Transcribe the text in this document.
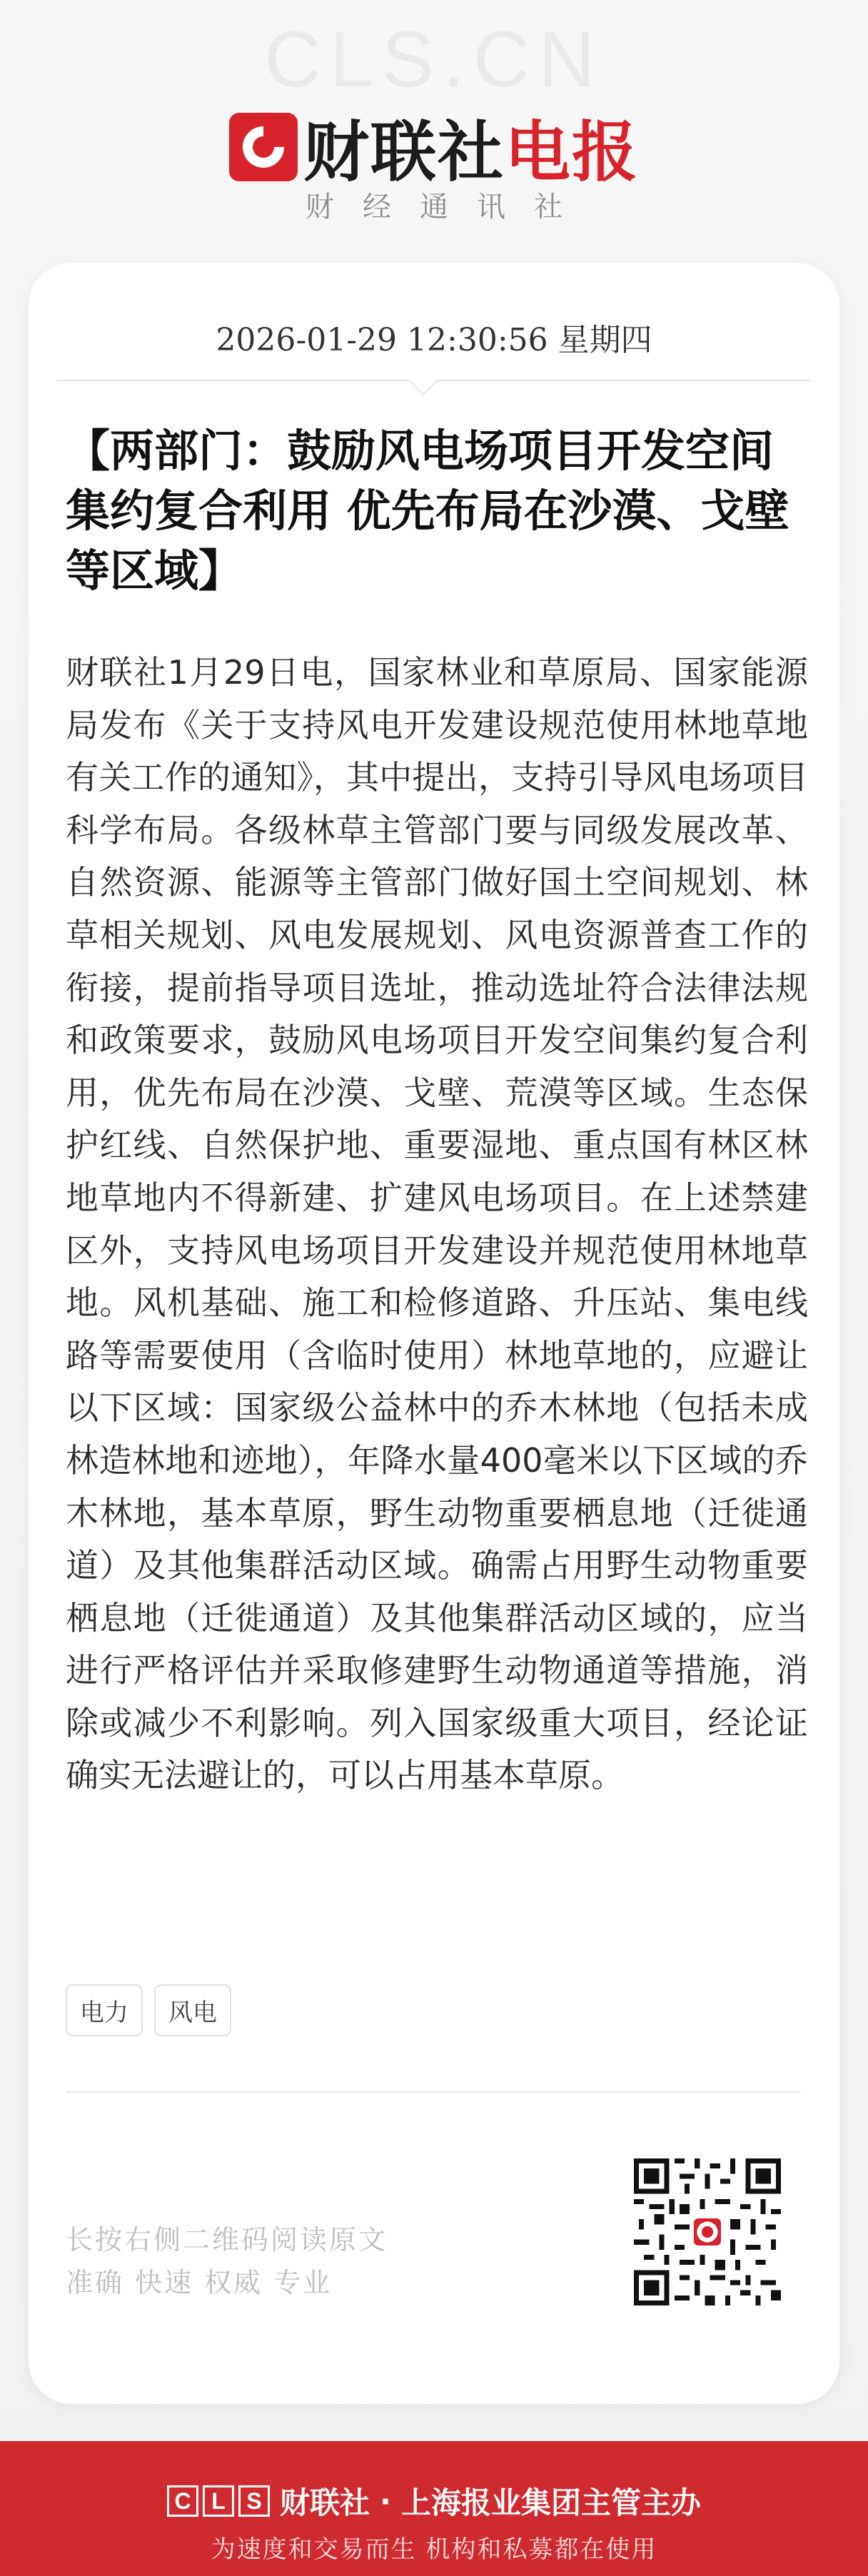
CLS.CN
财联社电报
财经通讯社
2026-01-29 12:30:56 星期四
【两部门：鼓励风电场项目开发空间集约复合利用 优先布局在沙漠、戈壁等区域】
财联社1月29日电，国家林业和草原局、国家能源局发布《关于支持风电开发建设规范使用林地草地有关工作的通知》，其中提出，支持引导风电场项目科学布局。各级林草主管部门要与同级发展改革、自然资源、能源等主管部门做好国土空间规划、林草相关规划、风电发展规划、风电资源普查工作的衔接，提前指导项目选址，推动选址符合法律法规和政策要求，鼓励风电场项目开发空间集约复合利用，优先布局在沙漠、戈壁、荒漠等区域。生态保护红线、自然保护地、重要湿地、重点国有林区林地草地内不得新建、扩建风电场项目。在上述禁建区外，支持风电场项目开发建设并规范使用林地草地。风机基础、施工和检修道路、升压站、集电线路等需要使用（含临时使用）林地草地的，应避让以下区域：国家级公益林中的乔木林地（包括未成林造林地和迹地），年降水量400毫米以下区域的乔木林地，基本草原，野生动物重要栖息地（迁徙通道）及其他集群活动区域。确需占用野生动物重要栖息地（迁徙通道）及其他集群活动区域的，应当进行严格评估并采取修建野生动物通道等措施，消除或减少不利影响。列入国家级重大项目，经论证确实无法避让的，可以占用基本草原。
电力	风电
长按右侧二维码阅读原文
准确 快速 权威 专业
C L S 财联社 · 上海报业集团主管主办
为速度和交易而生 机构和私募都在使用
